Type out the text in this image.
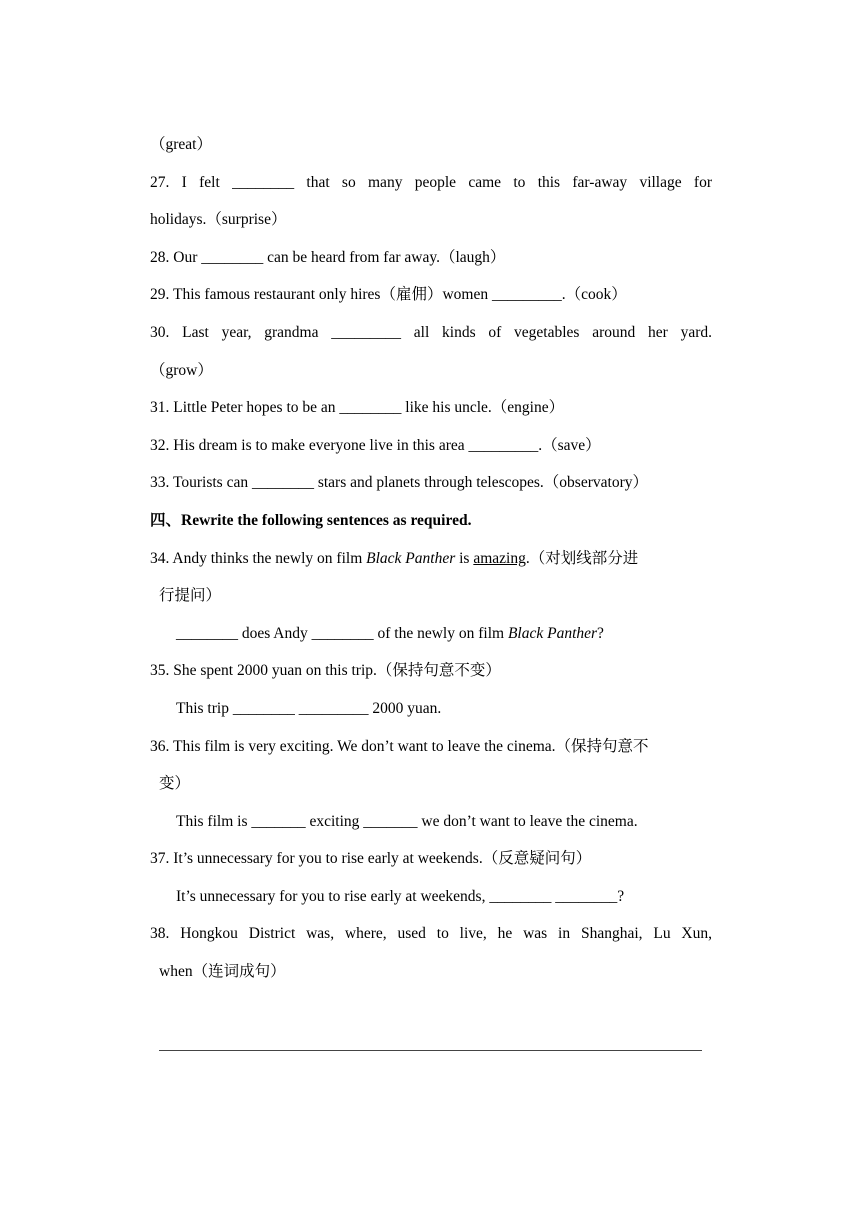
（great）
27. I felt ________ that so many people came to this far-away village for
holidays.（surprise）
28. Our ________ can be heard from far away.（laugh）
29. This famous restaurant only hires（雇佣）women _________.（cook）
30. Last year, grandma _________ all kinds of vegetables around her yard.
（grow）
31. Little Peter hopes to be an ________ like his uncle.（engine）
32. His dream is to make everyone live in this area _________.（save）
33. Tourists can ________ stars and planets through telescopes.（observatory）
四、Rewrite the following sentences as required.
34. Andy thinks the newly on film Black Panther is amazing.（对划线部分进
行提问）
________ does Andy ________ of the newly on film Black Panther?
35. She spent 2000 yuan on this trip.（保持句意不变）
This trip ________ _________ 2000 yuan.
36. This film is very exciting. We don’t want to leave the cinema.（保持句意不
变）
This film is _______ exciting _______ we don’t want to leave the cinema.
37. It’s unnecessary for you to rise early at weekends.（反意疑问句）
It’s unnecessary for you to rise early at weekends, ________ ________?
38. Hongkou District was, where, used to live, he was in Shanghai, Lu Xun,
when（连词成句）
